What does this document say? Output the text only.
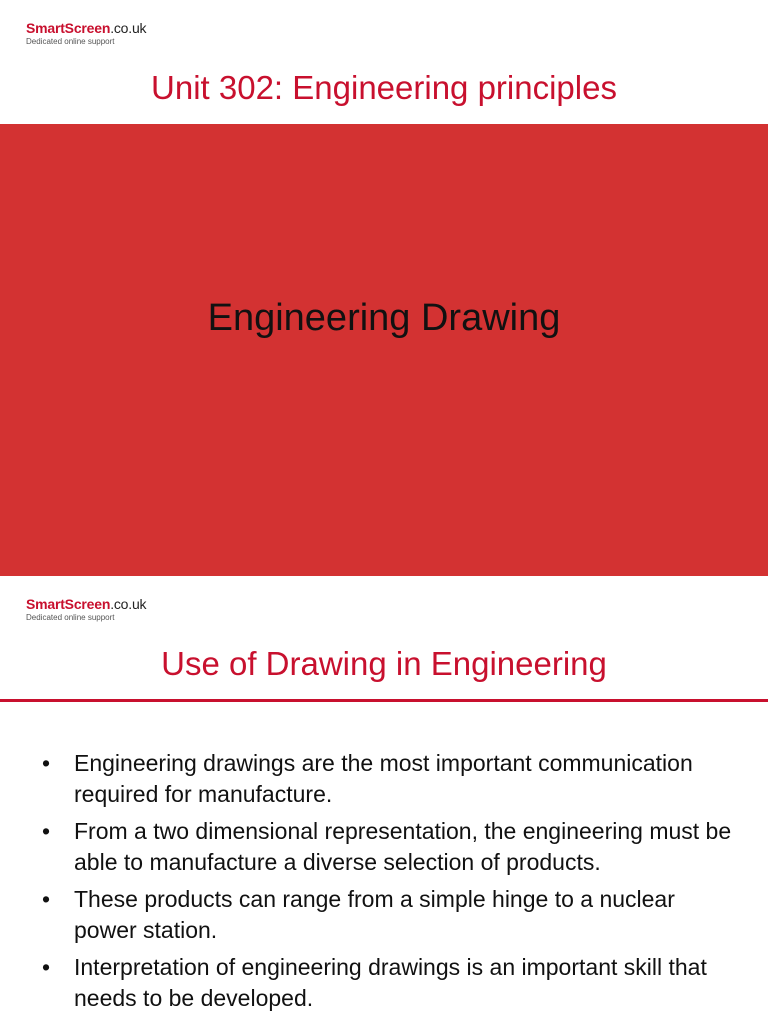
SmartScreen.co.uk
Dedicated online support
Unit 302: Engineering principles
Engineering Drawing
SmartScreen.co.uk
Dedicated online support
Use of Drawing in Engineering
• Engineering drawings are the most important communication required for manufacture.
• From a two dimensional representation, the engineering must be able to manufacture a diverse selection of products.
• These products can range from a simple hinge to a nuclear power station.
• Interpretation of engineering drawings is an important skill that needs to be developed.
